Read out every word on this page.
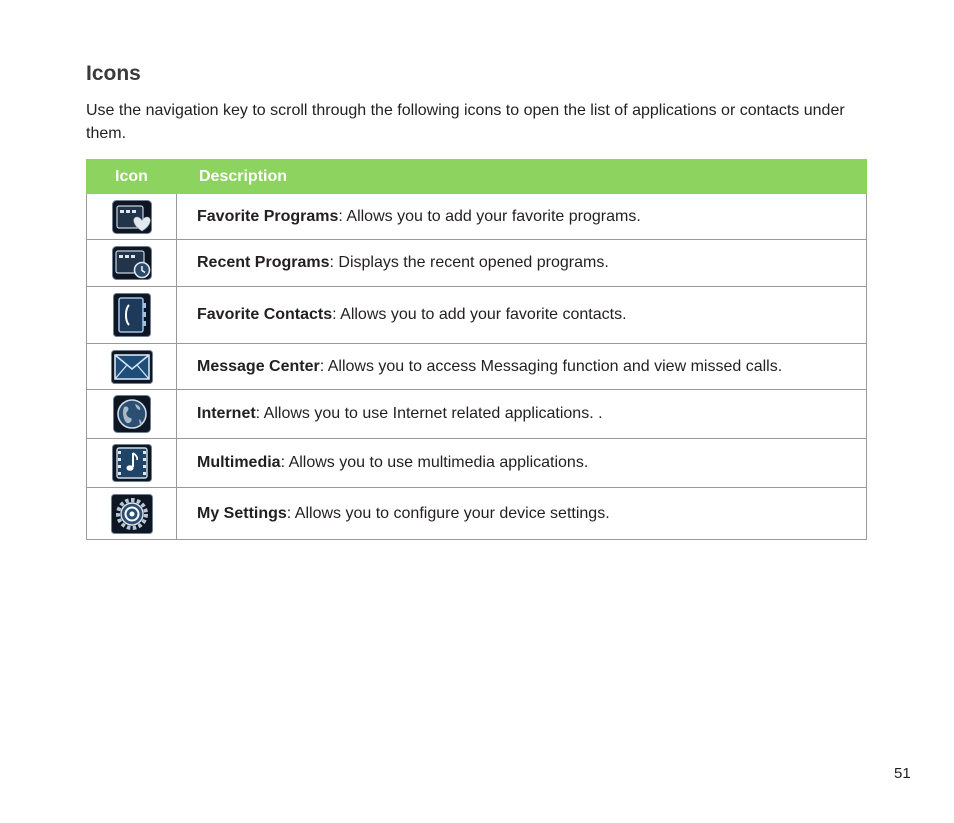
Icons

Use the navigation key to scroll through the following icons to open the list of applications or contacts under them.

Icon	Description
	Favorite Programs: Allows you to add your favorite programs.
	Recent Programs: Displays the recent opened programs.
	Favorite Contacts: Allows you to add your favorite contacts.
	Message Center: Allows you to access Messaging function and view missed calls.
	Internet: Allows you to use Internet related applications. .
	Multimedia: Allows you to use multimedia applications.
	My Settings: Allows you to configure your device settings.
51
